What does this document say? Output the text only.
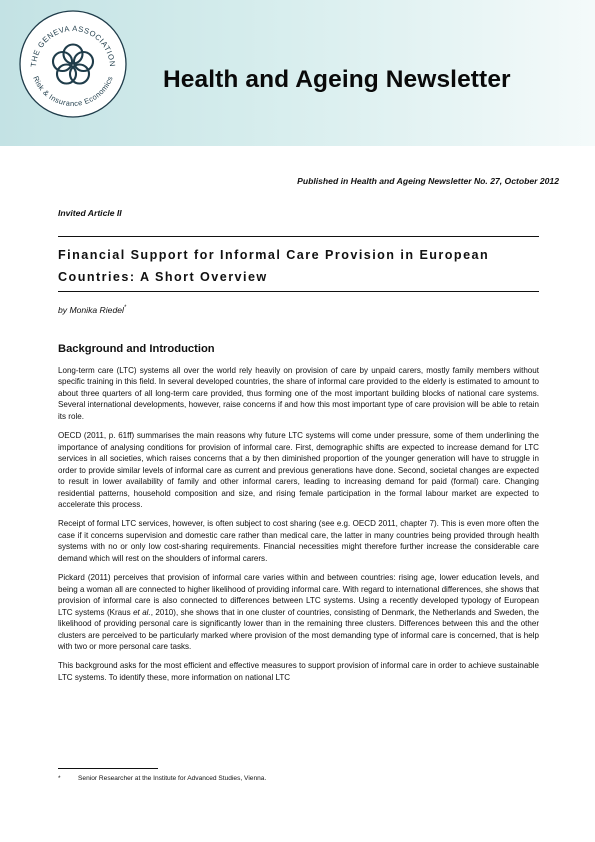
THE GENEVA ASSOCIATION
Risk & Insurance Economics Health and Ageing Newsletter
Published in Health and Ageing Newsletter No. 27, October 2012
Invited Article II
Financial Support for Informal Care Provision in European Countries: A Short Overview
by Monika Riedel*
Background and Introduction

Long-term care (LTC) systems all over the world rely heavily on provision of care by unpaid carers, mostly family members without specific training in this field. In several developed countries, the share of informal care provided to the elderly is estimated to amount to about three quarters of all long-term care provided, thus forming one of the most important building blocks of national care systems. Several international developments, however, raise concerns if and how this most important type of care provision will be able to retain its role.

OECD (2011, p. 61ff) summarises the main reasons why future LTC systems will come under pressure, some of them underlining the importance of analysing conditions for provision of informal care. First, demographic shifts are expected to increase demand for LTC services in all societies, which raises concerns that a by then diminished proportion of the younger generation will have to struggle in order to provide similar levels of informal care as current and previous generations have done. Second, societal changes are expected to result in lower availability of family and other informal carers, leading to increasing demand for paid (formal) care. Changing residential patterns, household composition and size, and rising female participation in the formal labour market are expected to accelerate this process.

Receipt of formal LTC services, however, is often subject to cost sharing (see e.g. OECD 2011, chapter 7). This is even more often the case if it concerns supervision and domestic care rather than medical care, the latter in many countries being provided through health systems with no or only low cost-sharing requirements. Financial necessities might therefore further increase the considerable care demand which will rest on the shoulders of informal carers.

Pickard (2011) perceives that provision of informal care varies within and between countries: rising age, lower education levels, and being a woman all are connected to higher likelihood of providing informal care. With regard to international differences, she shows that provision of informal care is also connected to differences between LTC systems. Using a recently developed typology of European LTC systems (Kraus et al., 2010), she shows that in one cluster of countries, consisting of Denmark, the Netherlands and Sweden, the likelihood of providing personal care is significantly lower than in the remaining three clusters. Differences between this and the other clusters are perceived to be particularly marked where provision of the most demanding type of informal care is concerned, that is help with two or more personal care tasks.

This background asks for the most efficient and effective measures to support provision of informal care in order to achieve sustainable LTC systems. To identify these, more information on national LTC

*	Senior Researcher at the Institute for Advanced Studies, Vienna.
